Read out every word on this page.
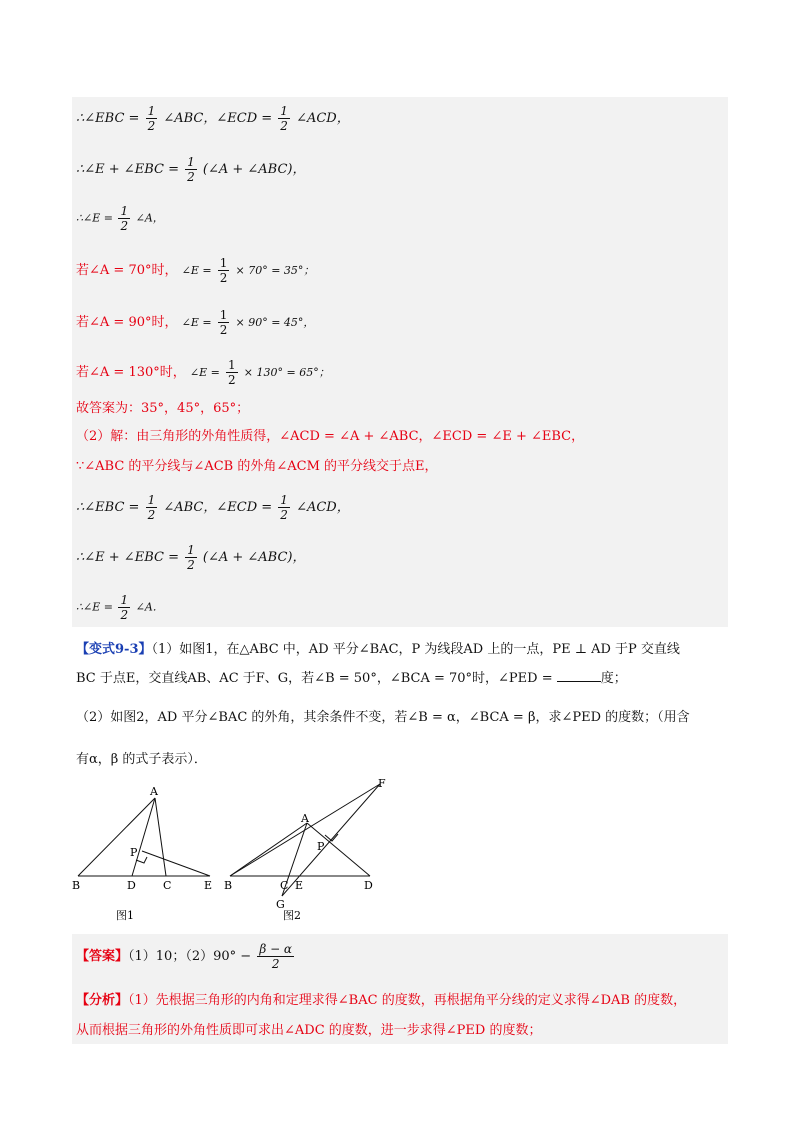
∴∠EBC = $\frac{1}{2}$ ∠ABC，∠ECD = $\frac{1}{2}$ ∠ACD，
∴∠E + ∠EBC = $\frac{1}{2}$ (∠A + ∠ABC)，
∴∠E = $\frac{1}{2}$ ∠A，
若∠A = 70°时， ∠E = $\frac{1}{2} \times 70^\circ = 35^\circ$；
若∠A = 90°时， ∠E = $\frac{1}{2} \times 90^\circ = 45^\circ$，
若∠A = 130°时， ∠E = $\frac{1}{2} \times 130^\circ = 65^\circ$；
故答案为：35°，45°，65°；
（2）解：由三角形的外角性质得，∠ACD = ∠A + ∠ABC，∠ECD = ∠E + ∠EBC，
∵∠ABC 的平分线与∠ACB 的外角∠ACM 的平分线交于点E，
∴∠EBC = $\frac{1}{2}$ ∠ABC，∠ECD = $\frac{1}{2}$ ∠ACD，
∴∠E + ∠EBC = $\frac{1}{2}$ (∠A + ∠ABC)，
∴∠E = $\frac{1}{2}$ ∠A．
【变式9-3】（1）如图1，在△ABC 中，AD 平分∠BAC，P 为线段AD 上的一点，PE ⊥ AD 于P 交直线
BC 于点E，交直线AB、AC 于F、G，若∠B = 50°，∠BCA = 70°时，∠PED =	度；
（2）如图2，AD 平分∠BAC 的外角，其余条件不变，若∠B = α，∠BCA = β，求∠PED 的度数；（用含
有α，β 的式子表示）．
A
B	D C	E
P
图1
A
B	C E	D
F
G
P
图2
【答案】（1）10；$(2)90^\circ - \frac{\beta - \alpha}{2}$
【分析】（1）先根据三角形的内角和定理求得∠BAC 的度数，再根据角平分线的定义求得∠DAB 的度数，
从而根据三角形的外角性质即可求出∠ADC 的度数，进一步求得∠PED 的度数；
